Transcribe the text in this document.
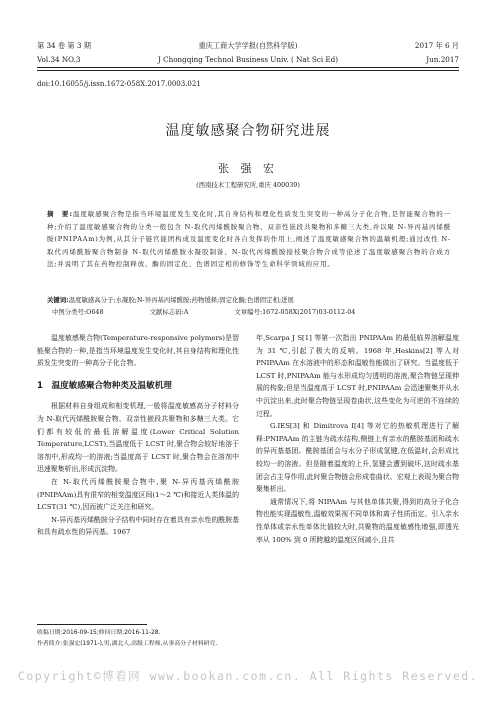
第 34 卷 第 3 期
Vol.34 NO.3
重庆工商大学学报(自然科学版)
J Chongqing Technol Business Univ. ( Nat Sci Ed)
2017 年 6 月
Jun.2017
doi:10.16055/j.issn.1672-058X.2017.0003.021
温度敏感聚合物研究进展
张 强 宏
(西南技术工程研究所,重庆 400039)
摘　要:温度敏感聚合物是指当环境温度发生变化时,其自身结构和理化性质发生突变的一种高分子化合物,是智能聚合物的一种;介绍了温度敏感聚合物的分类一般包含 N-取代丙烯酰胺聚合物、双亲性嵌段共聚物和多糖三大类,并以聚 N-异丙基丙烯酰胺(PNIPAAm)为例,从其分子链官能团构成及温度变化时各自发挥的作用上,阐述了温度敏感聚合物的温敏机理;通过改性 N-取代丙烯酰胺聚合物制备 N-取代丙烯酰胺水凝胶制备、N-取代丙烯酰胺接枝聚合物合成等论述了温度敏感聚合物的合成方法;并说明了其在药物控制释放、酶的固定化、色谱固定相的修饰等生命科学领域的应用。
关键词:温度敏感高分子;水凝胶;N-异丙基丙烯酰胺;药物缓释;固定化酶;色谱固定相;进展
中图分类号:O648	文献标志码:A	文章编号:1672-058X(2017)03-0112-04

温度敏感聚合物(Temperature-responsive polymers)是智能聚合物的一种,是指当环境温度发生变化时,其自身结构和理化性质发生突变的一种高分子化合物。

1　温度敏感聚合物种类及温敏机理

根据材料自身组成和相变机理,一般将温度敏感高分子材料分为 N-取代丙烯酰胺聚合物、双亲性嵌段共聚物和多糖三大类。它们都有较低的最低溶解温度(Lower Critical Solution Temperature,LCST),当温度低于 LCST 时,聚合物会较好地溶于溶剂中,形成均一的溶液;当温度高于 LCST 时,聚合物会在溶剂中迅速聚集析出,形成沉淀物。

在 N-取代丙烯酰胺聚合物中,聚 N-异丙基丙烯酰胺(PNIPAAm)具有很窄的相变温度区间(1～2 ℃)和接近人类体温的 LCST(31 ℃),因而被广泛关注和研究。

N-异丙基丙烯酰胺分子结构中同时存在着具有亲水性的酰胺基和具有疏水性的异丙基。1967

年,Scarpa J S[1] 等第一次指出 PNIPAAm 的最低临界溶解温度为 31 ℃,引起了极大的反响。1968 年,Heskins[2] 等人对 PNIPAAm 在水溶液中的形态和温敏性能做出了研究。当温度低于 LCST 时,PNIPAAm 能与水形成均匀透明的溶液,聚合物链呈现伸展的构象;但是当温度高于 LCST 时,PNIPAAm 会迅速聚集并从水中沉淀出来,此时聚合物链呈现卷曲状,这些变化为可逆的不连续的过程。

G.IES[3] 和 Dimitrova I[4] 等对它的热敏机理进行了解释:PNIPAAm 的主链为疏水结构,侧链上有亲水的酰胺基团和疏水的异丙基基团。酰胺基团会与水分子形成氢键,在低温时,会形成比较均一的溶液。但是随着温度的上升,氢键会遭到破坏,这时疏水基团会占主导作用,此时聚合物链会形成卷曲状、宏观上表现为聚合物聚集析出。

通常情况下,将 NIPAAm 与其他单体共聚,得到的高分子化合物也能实现温敏性,温敏效果视不同单体和离子性质而定。引入亲水性单体或亲水性单体比值较大时,共聚物的温度敏感性增强,即透光率从 100% 到 0 所跨越的温度区间减小,且共

收稿日期:2016-09-15;修回日期:2016-11-28.
作者简介:张强宏(1971-),男,湖北人,高级工程师,从事高分子材料研究.
Copyright©博看网 www.bookan.com.cn. All Rights Reserved.
